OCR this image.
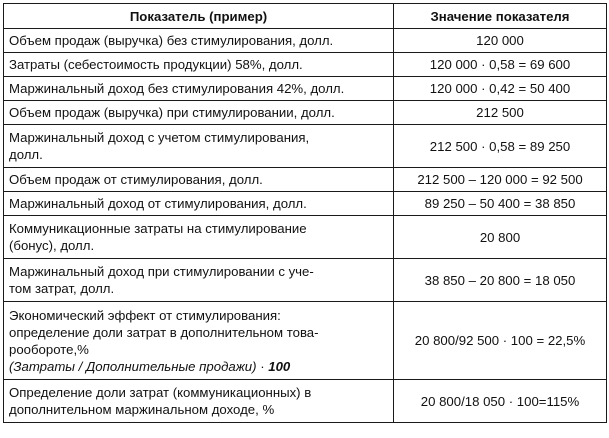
Показатель (пример)	Значение показателя
Объем продаж (выручка) без стимулирования, долл.	120 000
Затраты (себестоимость продукции) 58%, долл.	120 000 · 0,58 = 69 600
Маржинальный доход без стимулирования 42%, долл.	120 000 · 0,42 = 50 400
Объем продаж (выручка) при стимулировании, долл.	212 500
Маржинальный доход с учетом стимулирования,
долл.	212 500 · 0,58 = 89 250
Объем продаж от стимулирования, долл.	212 500 – 120 000 = 92 500
Маржинальный доход от стимулирования, долл.	89 250 – 50 400 = 38 850
Коммуникационные затраты на стимулирование
(бонус), долл.	20 800
Маржинальный доход при стимулировании с уче-
том затрат, долл.	38 850 – 20 800 = 18 050
Экономический эффект от стимулирования:
определение доли затрат в дополнительном това-
рообороте,%
(Затраты / Дополнительные продажи) · 100	20 800/92 500 · 100 = 22,5%
Определение доли затрат (коммуникационных) в
дополнительном маржинальном доходе, %	20 800/18 050 · 100=115%
